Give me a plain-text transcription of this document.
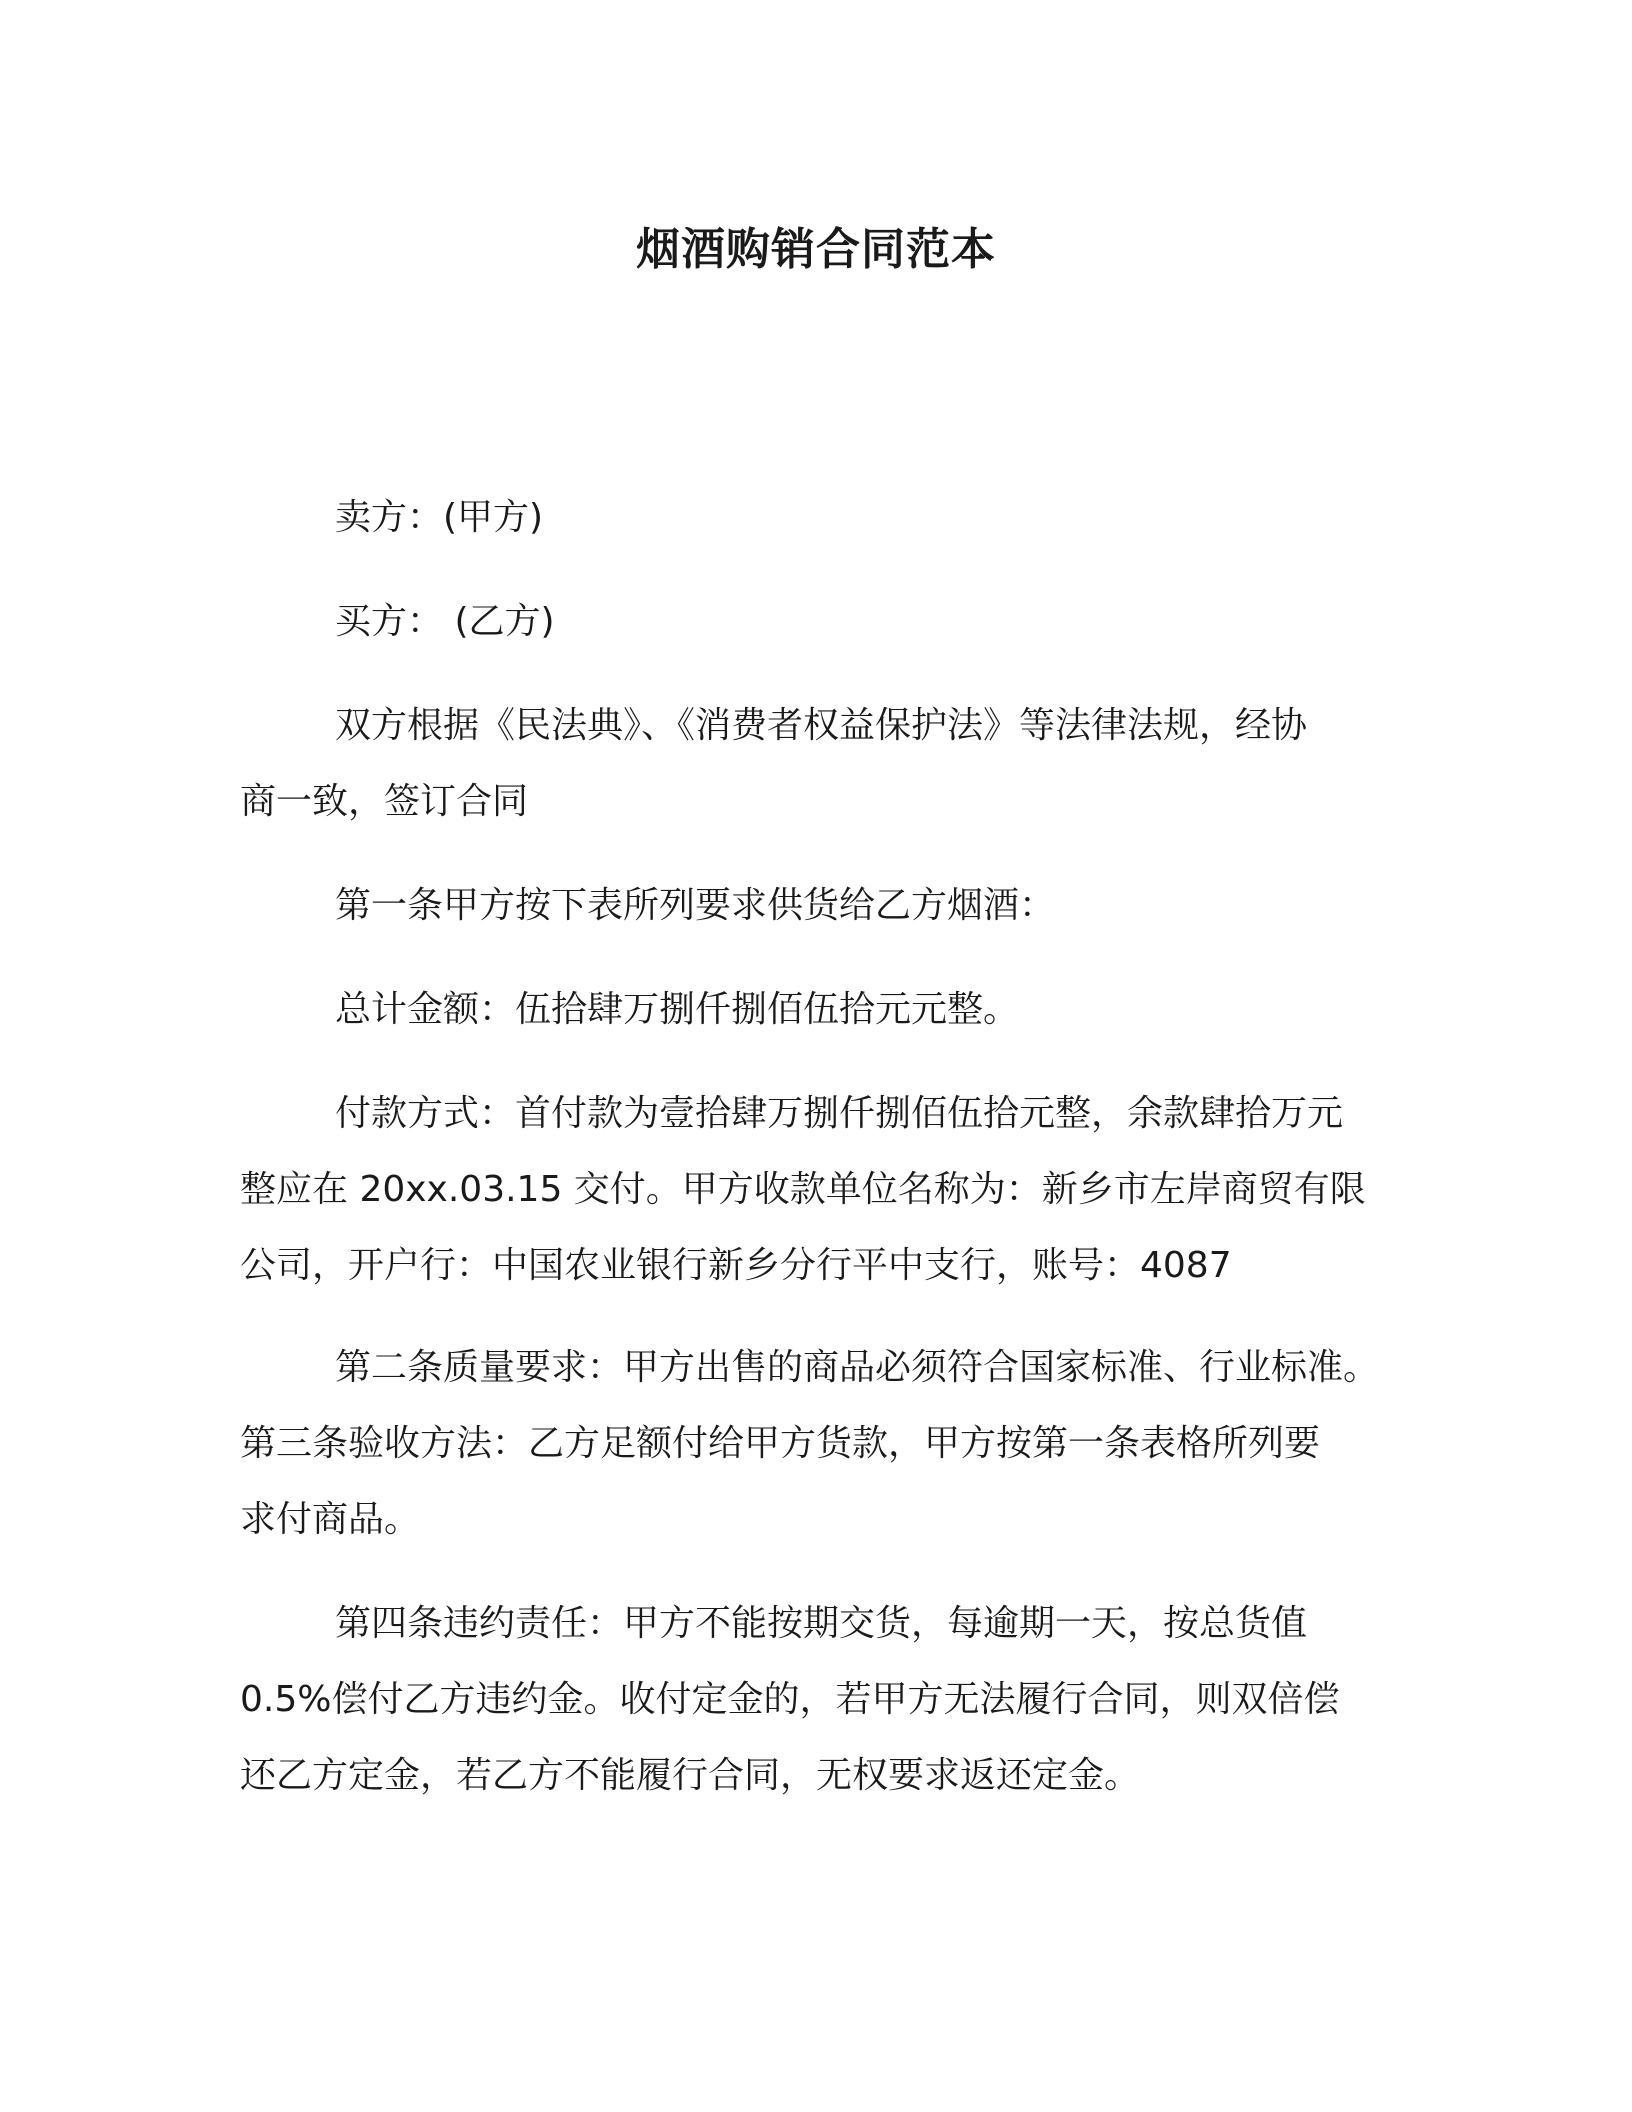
烟酒购销合同范本
卖方：(甲方)
买方： (乙方)
双方根据《民法典》、《消费者权益保护法》等法律法规，经协
商一致，签订合同
第一条甲方按下表所列要求供货给乙方烟酒：
总计金额：伍拾肆万捌仟捌佰伍拾元元整。
付款方式：首付款为壹拾肆万捌仟捌佰伍拾元整，余款肆拾万元
整应在 20xx.03.15 交付。甲方收款单位名称为：新乡市左岸商贸有限
公司，开户行：中国农业银行新乡分行平中支行，账号：4087
第二条质量要求：甲方出售的商品必须符合国家标准、行业标准。
第三条验收方法：乙方足额付给甲方货款，甲方按第一条表格所列要
求付商品。
第四条违约责任：甲方不能按期交货，每逾期一天，按总货值
0.5%偿付乙方违约金。收付定金的，若甲方无法履行合同，则双倍偿
还乙方定金，若乙方不能履行合同，无权要求返还定金。
